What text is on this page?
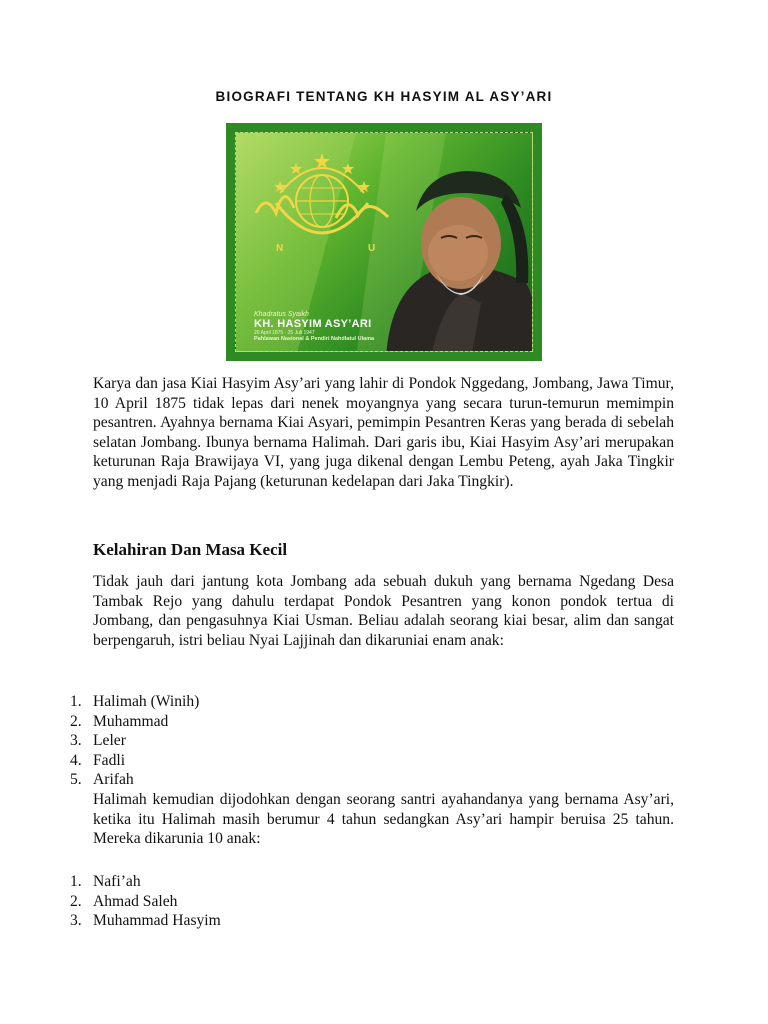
BIOGRAFI TENTANG KH HASYIM AL ASY’ARI
N	U
Khadratus Syaikh
KH. HASYIM ASY’ARI
20 April 1875 - 25 Juli 1947
Pahlawan Nasional & Pendiri Nahdlatul Ulama

Karya dan jasa Kiai Hasyim Asy’ari yang lahir di Pondok Nggedang, Jombang, Jawa Timur, 10 April 1875 tidak lepas dari nenek moyangnya yang secara turun-temurun memimpin pesantren. Ayahnya bernama Kiai Asyari, pemimpin Pesantren Keras yang berada di sebelah selatan Jombang. Ibunya bernama Halimah. Dari garis ibu, Kiai Hasyim Asy’ari merupakan keturunan Raja Brawijaya VI, yang juga dikenal dengan Lembu Peteng, ayah Jaka Tingkir yang menjadi Raja Pajang (keturunan kedelapan dari Jaka Tingkir).

Kelahiran Dan Masa Kecil

Tidak jauh dari jantung kota Jombang ada sebuah dukuh yang bernama Ngedang Desa Tambak Rejo yang dahulu terdapat Pondok Pesantren yang konon pondok tertua di Jombang, dan pengasuhnya Kiai Usman. Beliau adalah seorang kiai besar, alim dan sangat berpengaruh, istri beliau Nyai Lajjinah dan dikaruniai enam anak:

1. Halimah (Winih)
2. Muhammad
3. Leler
4. Fadli
5. Arifah

Halimah kemudian dijodohkan dengan seorang santri ayahandanya yang bernama Asy’ari, ketika itu Halimah masih berumur 4 tahun sedangkan Asy’ari hampir beruisa 25 tahun. Mereka dikarunia 10 anak:

1. Nafi’ah
2. Ahmad Saleh
3. Muhammad Hasyim
